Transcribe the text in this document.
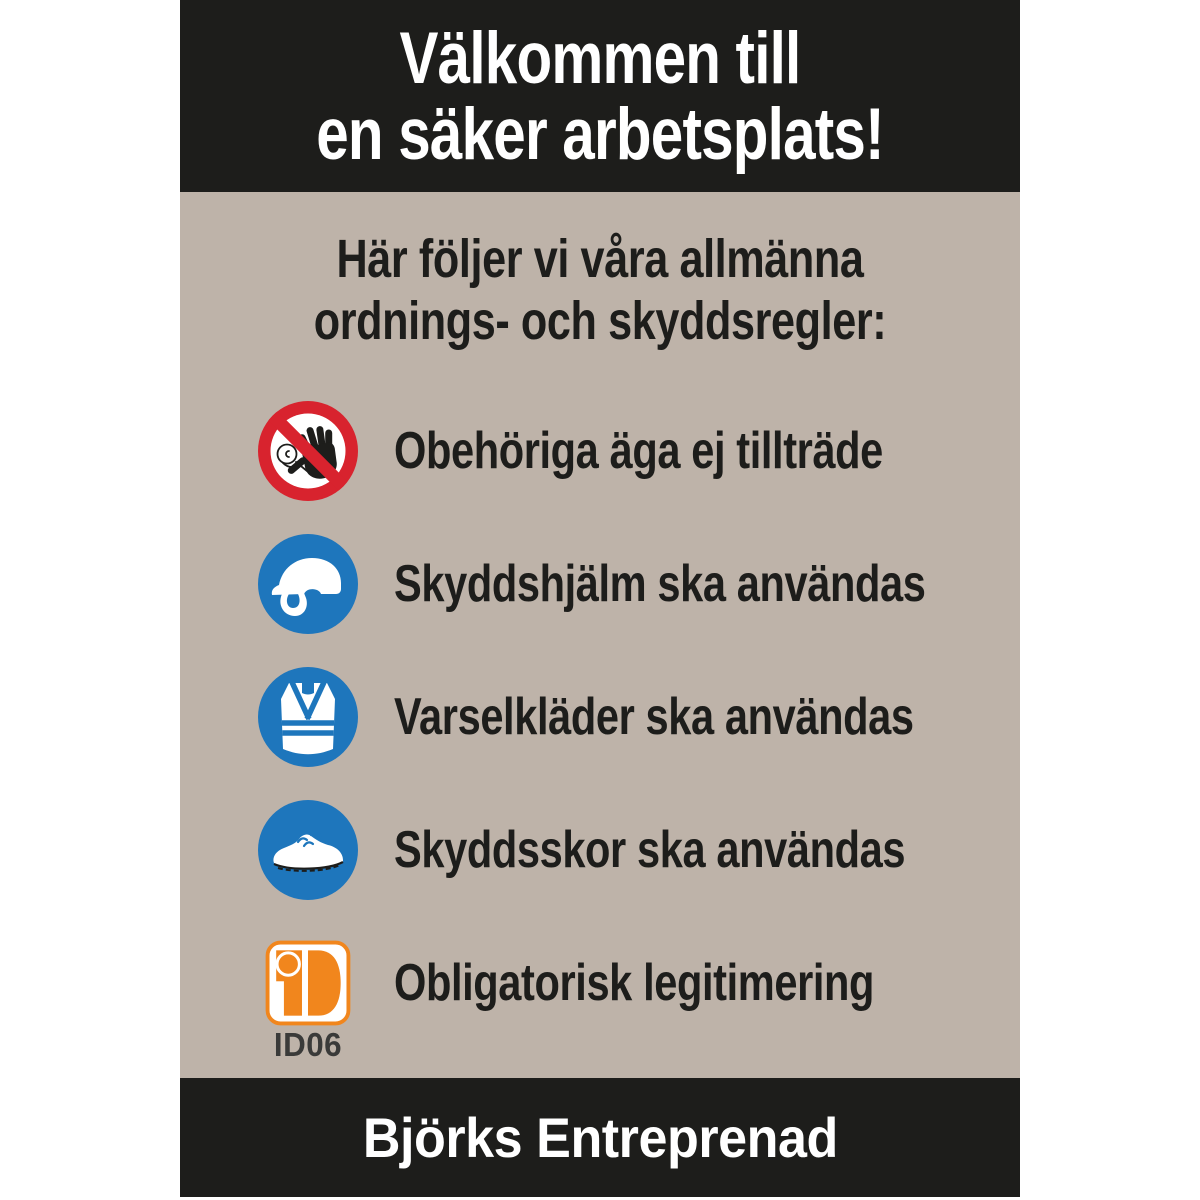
Välkommen till
en säker arbetsplats!
Här följer vi våra allmänna
ordnings- och skyddsregler:
Obehöriga äga ej tillträde
Skyddshjälm ska användas
Varselkläder ska användas
Skyddsskor ska användas
ID06
Obligatorisk legitimering
Björks Entreprenad
